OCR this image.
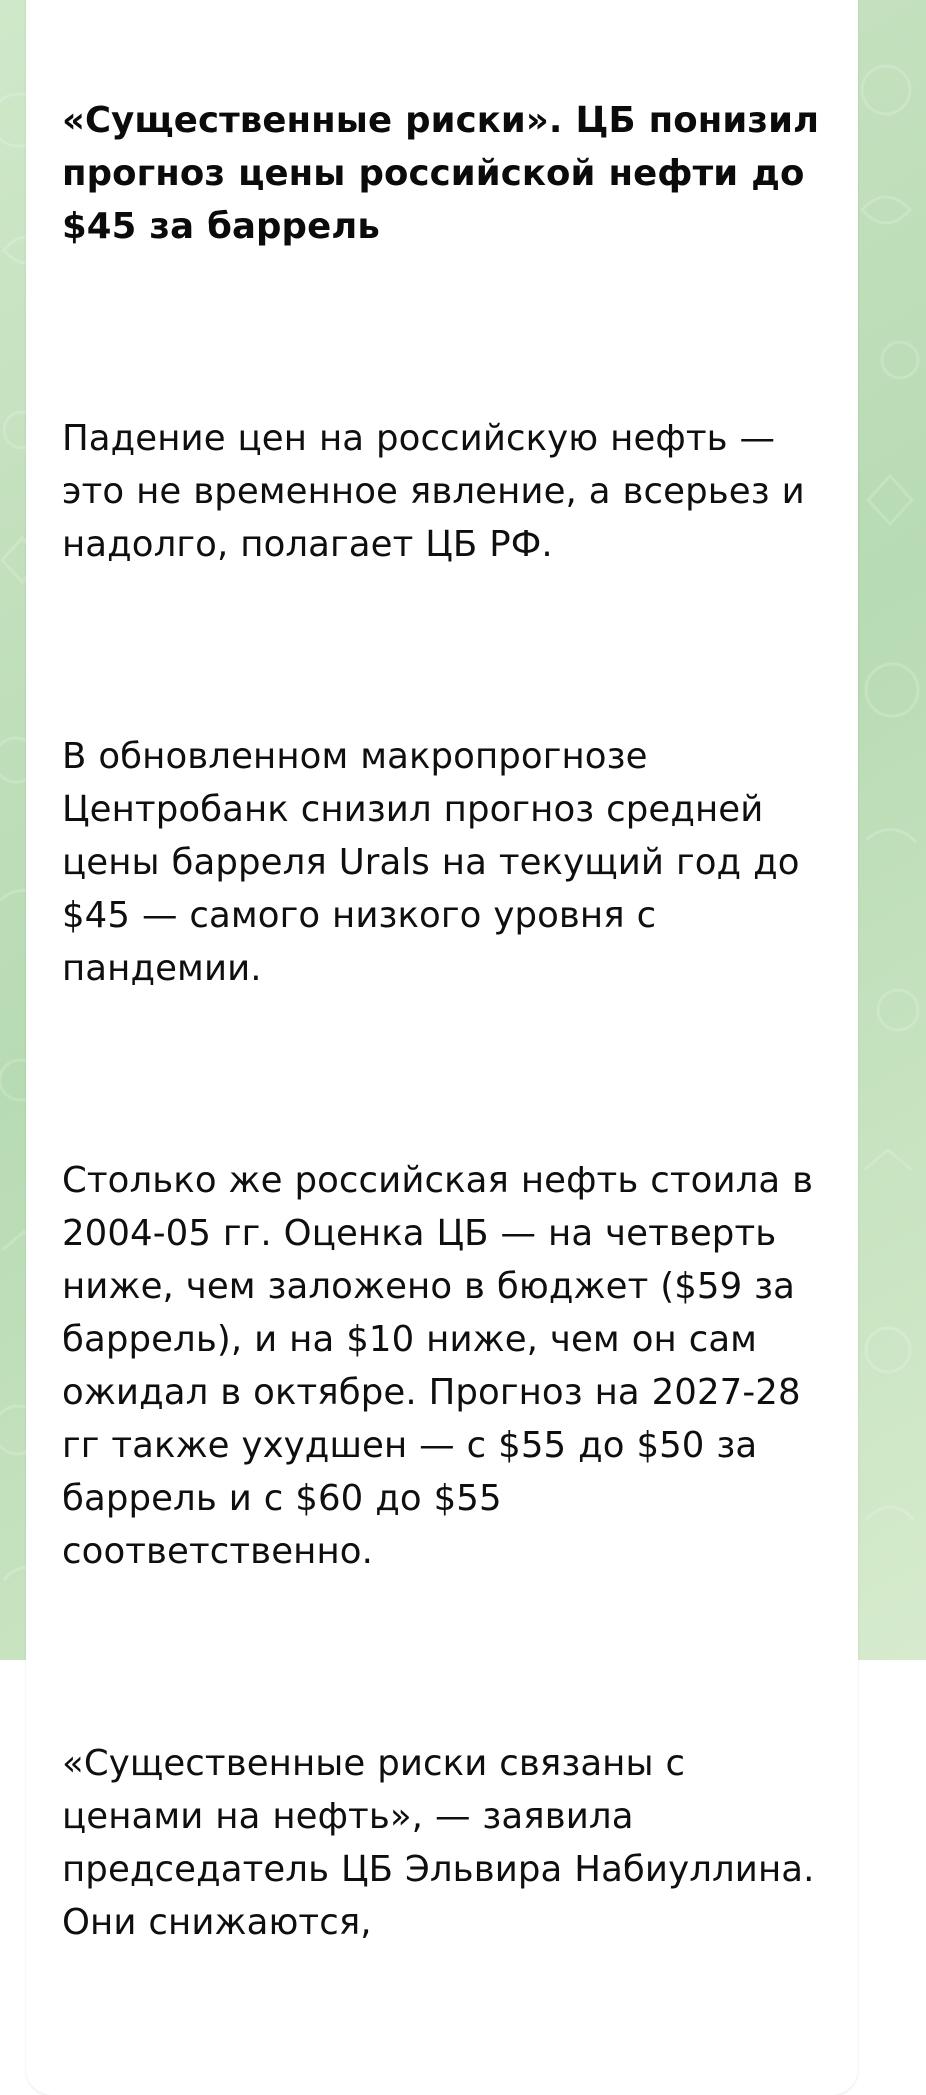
«Существенные риски». ЦБ понизил прогноз цены российской нефти до $45 за баррель

Падение цен на российскую нефть — это не временное явление, а всерьез и надолго, полагает ЦБ РФ.

В обновленном макропрогнозе Центробанк снизил прогноз средней цены барреля Urals на текущий год до $45 — самого низкого уровня с пандемии.

Столько же российская нефть стоила в 2004-05 гг. Оценка ЦБ — на четверть ниже, чем заложено в бюджет ($59 за баррель), и на $10 ниже, чем он сам ожидал в октябре. Прогноз на 2027-28 гг также ухудшен — с $55 до $50 за баррель и с $60 до $55 соответственно.

«Существенные риски связаны с ценами на нефть», — заявила председатель ЦБ Эльвира Набиуллина. Они снижаются,
